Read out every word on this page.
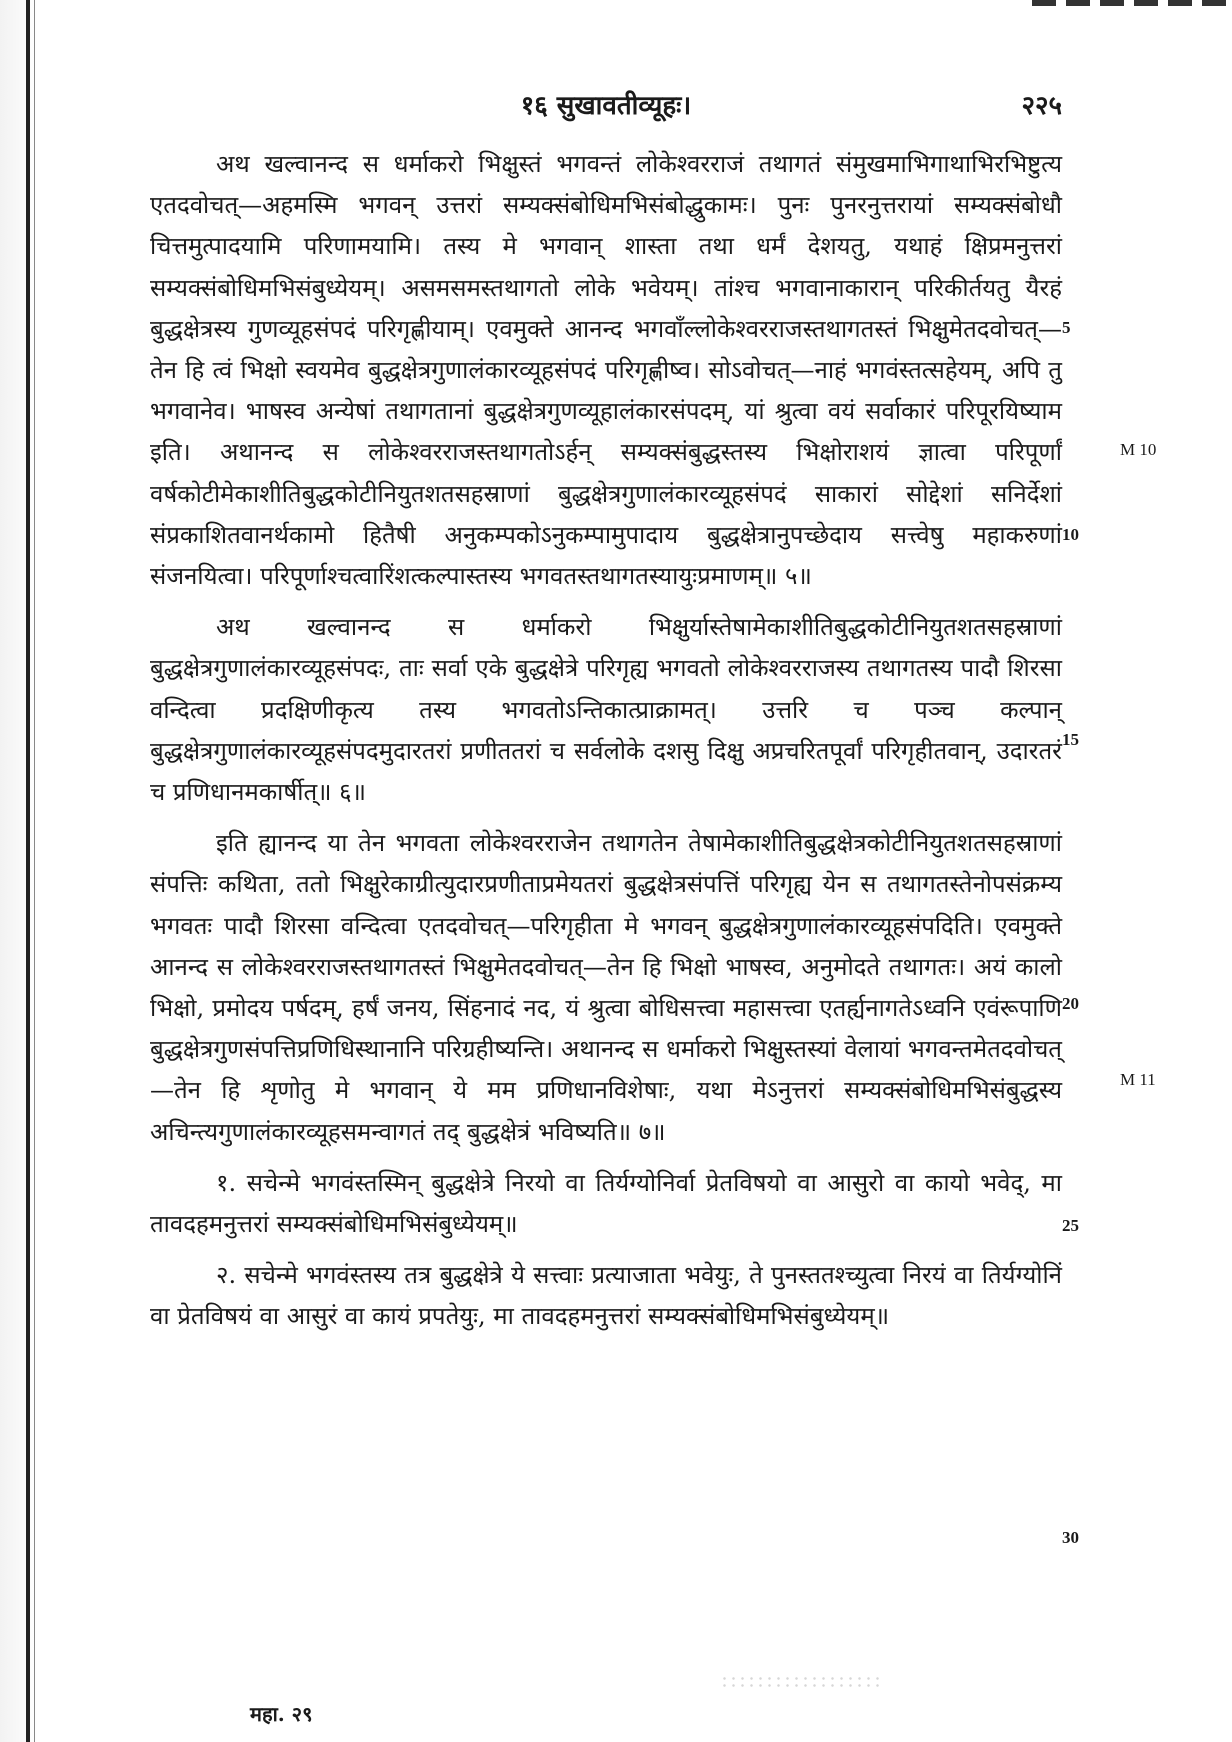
१६ सुखावतीव्यूहः।	२२५

अथ खल्वानन्द स धर्माकरो भिक्षुस्तं भगवन्तं लोकेश्वरराजं तथागतं संमुखमाभिगाथाभिरभिष्टुत्य एतदवोचत्—अहमस्मि भगवन् उत्तरां सम्यक्संबोधिमभिसंबोद्धुकामः। पुनः पुनरनुत्तरायां सम्यक्संबोधौ चित्तमुत्पादयामि परिणामयामि। तस्य मे भगवान् शास्ता तथा धर्मं देशयतु, यथाहं क्षिप्रमनुत्तरां सम्यक्संबोधिमभिसंबुध्येयम्। असमसमस्तथागतो लोके भवेयम्। तांश्च भगवानाकारान् परिकीर्तयतु यैरहं बुद्धक्षेत्रस्य गुणव्यूहसंपदं परिगृह्णीयाम्। एवमुक्ते आनन्द भगवाँल्लोकेश्वरराजस्तथागतस्तं भिक्षुमेतदवोचत्—तेन हि त्वं भिक्षो स्वयमेव बुद्धक्षेत्रगुणालंकारव्यूहसंपदं परिगृह्णीष्व। सोऽवोचत्—नाहं भगवंस्तत्सहेयम्, अपि तु भगवानेव। भाषस्व अन्येषां तथागतानां बुद्धक्षेत्रगुणव्यूहालंकारसंपदम्, यां श्रुत्वा वयं सर्वाकारं परिपूरयिष्याम इति। अथानन्द स लोकेश्वरराजस्तथागतोऽर्हन् सम्यक्संबुद्धस्तस्य भिक्षोराशयं ज्ञात्वा परिपूर्णां वर्षकोटीमेकाशीतिबुद्धकोटीनियुतशतसहस्राणां बुद्धक्षेत्रगुणालंकारव्यूहसंपदं साकारां सोद्देशां सनिर्देशां संप्रकाशितवानर्थकामो हितैषी अनुकम्पकोऽनुकम्पामुपादाय बुद्धक्षेत्रानुपच्छेदाय सत्त्वेषु महाकरुणां संजनयित्वा। परिपूर्णाश्चत्वारिंशत्कल्पास्तस्य भगवतस्तथागतस्यायुःप्रमाणम्॥ ५॥

अथ खल्वानन्द स धर्माकरो भिक्षुर्यास्तेषामेकाशीतिबुद्धकोटीनियुतशतसहस्राणां बुद्धक्षेत्रगुणालंकारव्यूहसंपदः, ताः सर्वा एके बुद्धक्षेत्रे परिगृह्य भगवतो लोकेश्वरराजस्य तथागतस्य पादौ शिरसा वन्दित्वा प्रदक्षिणीकृत्य तस्य भगवतोऽन्तिकात्प्राक्रामत्। उत्तरि च पञ्च कल्पान् बुद्धक्षेत्रगुणालंकारव्यूहसंपदमुदारतरां प्रणीततरां च सर्वलोके दशसु दिक्षु अप्रचरितपूर्वां परिगृहीतवान्, उदारतरं च प्रणिधानमकार्षीत्॥ ६॥

इति ह्यानन्द या तेन भगवता लोकेश्वरराजेन तथागतेन तेषामेकाशीतिबुद्धक्षेत्रकोटीनियुतशतसहस्राणां संपत्तिः कथिता, ततो भिक्षुरेकाग्रीत्युदारप्रणीताप्रमेयतरां बुद्धक्षेत्रसंपत्तिं परिगृह्य येन स तथागतस्तेनोपसंक्रम्य भगवतः पादौ शिरसा वन्दित्वा एतदवोचत्—परिगृहीता मे भगवन् बुद्धक्षेत्रगुणालंकारव्यूहसंपदिति। एवमुक्ते आनन्द स लोकेश्वरराजस्तथागतस्तं भिक्षुमेतदवोचत्—तेन हि भिक्षो भाषस्व, अनुमोदते तथागतः। अयं कालो भिक्षो, प्रमोदय पर्षदम्, हर्षं जनय, सिंहनादं नद, यं श्रुत्वा बोधिसत्त्वा महासत्त्वा एतर्ह्यनागतेऽध्वनि एवंरूपाणि बुद्धक्षेत्रगुणसंपत्तिप्रणिधिस्थानानि परिग्रहीष्यन्ति। अथानन्द स धर्माकरो भिक्षुस्तस्यां वेलायां भगवन्तमेतदवोचत्—तेन हि शृणोतु मे भगवान् ये मम प्रणिधानविशेषाः, यथा मेऽनुत्तरां सम्यक्संबोधिमभिसंबुद्धस्य अचिन्त्यगुणालंकारव्यूहसमन्वागतं तद् बुद्धक्षेत्रं भविष्यति॥ ७॥

१. सचेन्मे भगवंस्तस्मिन् बुद्धक्षेत्रे निरयो वा तिर्यग्योनिर्वा प्रेतविषयो वा आसुरो वा कायो भवेद्, मा तावदहमनुत्तरां सम्यक्संबोधिमभिसंबुध्येयम्॥

२. सचेन्मे भगवंस्तस्य तत्र बुद्धक्षेत्रे ये सत्त्वाः प्रत्याजाता भवेयुः, ते पुनस्ततश्च्युत्वा निरयं वा तिर्यग्योनिं वा प्रेतविषयं वा आसुरं वा कायं प्रपतेयुः, मा तावदहमनुत्तरां सम्यक्संबोधिमभिसंबुध्येयम्॥

5
10
15
20
25
30
M 10
M 11
महा. २९
